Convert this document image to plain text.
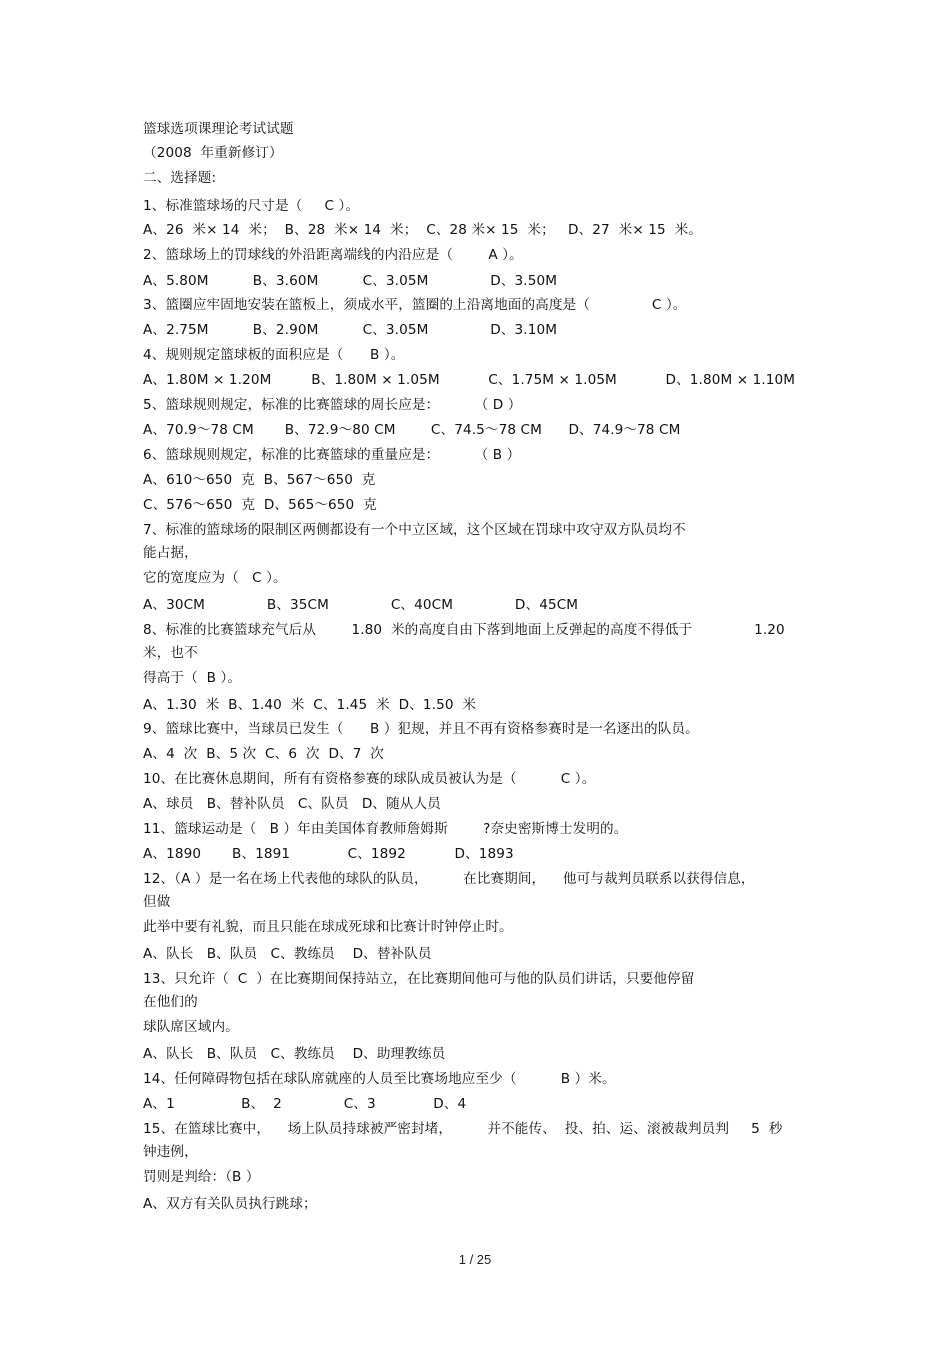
篮球选项课理论考试试题
（2008  年重新修订）
二、选择题:
1、标准篮球场的尺寸是（     C ）。
A、26  米× 14  米；  B、28  米× 14  米；  C、28 米× 15  米；   D、27  米× 15  米。
2、篮球场上的罚球线的外沿距离端线的内沿应是（        A ）。
A、5.80M          B、3.60M          C、3.05M              D、3.50M
3、篮圈应牢固地安装在篮板上，须成水平，篮圈的上沿离地面的高度是（              C ）。
A、2.75M          B、2.90M          C、3.05M              D、3.10M
4、规则规定篮球板的面积应是（      B ）。
A、1.80M × 1.20M         B、1.80M × 1.05M           C、1.75M × 1.05M           D、1.80M × 1.10M
5、篮球规则规定，标准的比赛篮球的周长应是：        （ D ）
A、70.9～78 CM       B、72.9～80 CM        C、74.5～78 CM      D、74.9～78 CM
6、篮球规则规定，标准的比赛篮球的重量应是：        （ B ）
A、610～650  克  B、567～650  克
C、576～650  克  D、565～650  克
7、标准的篮球场的限制区两侧都设有一个中立区域，这个区域在罚球中攻守双方队员均不
能占据，
它的宽度应为（   C ）。
A、30CM              B、35CM              C、40CM              D、45CM
8、标准的比赛篮球充气后从        1.80  米的高度自由下落到地面上反弹起的高度不得低于              1.20
米，也不
得高于（  B ）。
A、1.30  米  B、1.40  米  C、1.45  米  D、1.50  米
9、篮球比赛中，当球员已发生（      B ）犯规，并且不再有资格参赛时是一名逐出的队员。
A、4  次  B、5 次  C、6  次  D、7  次
10、在比赛休息期间，所有有资格参赛的球队成员被认为是（          C ）。
A、球员   B、替补队员   C、队员   D、随从人员
11、篮球运动是（   B ）年由美国体育教师詹姆斯        ?奈史密斯博士发明的。
A、1890       B、1891             C、1892           D、1893
12、（A ）是一名在场上代表他的球队的队员，        在比赛期间，    他可与裁判员联系以获得信息，
但做
此举中要有礼貌，而且只能在球成死球和比赛计时钟停止时。
A、队长   B、队员   C、教练员    D、替补队员
13、只允许（  C  ）在比赛期间保持站立，在比赛期间他可与他的队员们讲话，只要他停留
在他们的
球队席区域内。
A、队长   B、队员   C、教练员    D、助理教练员
14、任何障碍物包括在球队席就座的人员至比赛场地应至少（          B ）米。
A、1               B、  2              C、3             D、4
15、在篮球比赛中，    场上队员持球被严密封堵，        并不能传、  投、拍、运、滚被裁判员判     5  秒
钟违例，
罚则是判给：（B ）
A、双方有关队员执行跳球；
1 / 25
